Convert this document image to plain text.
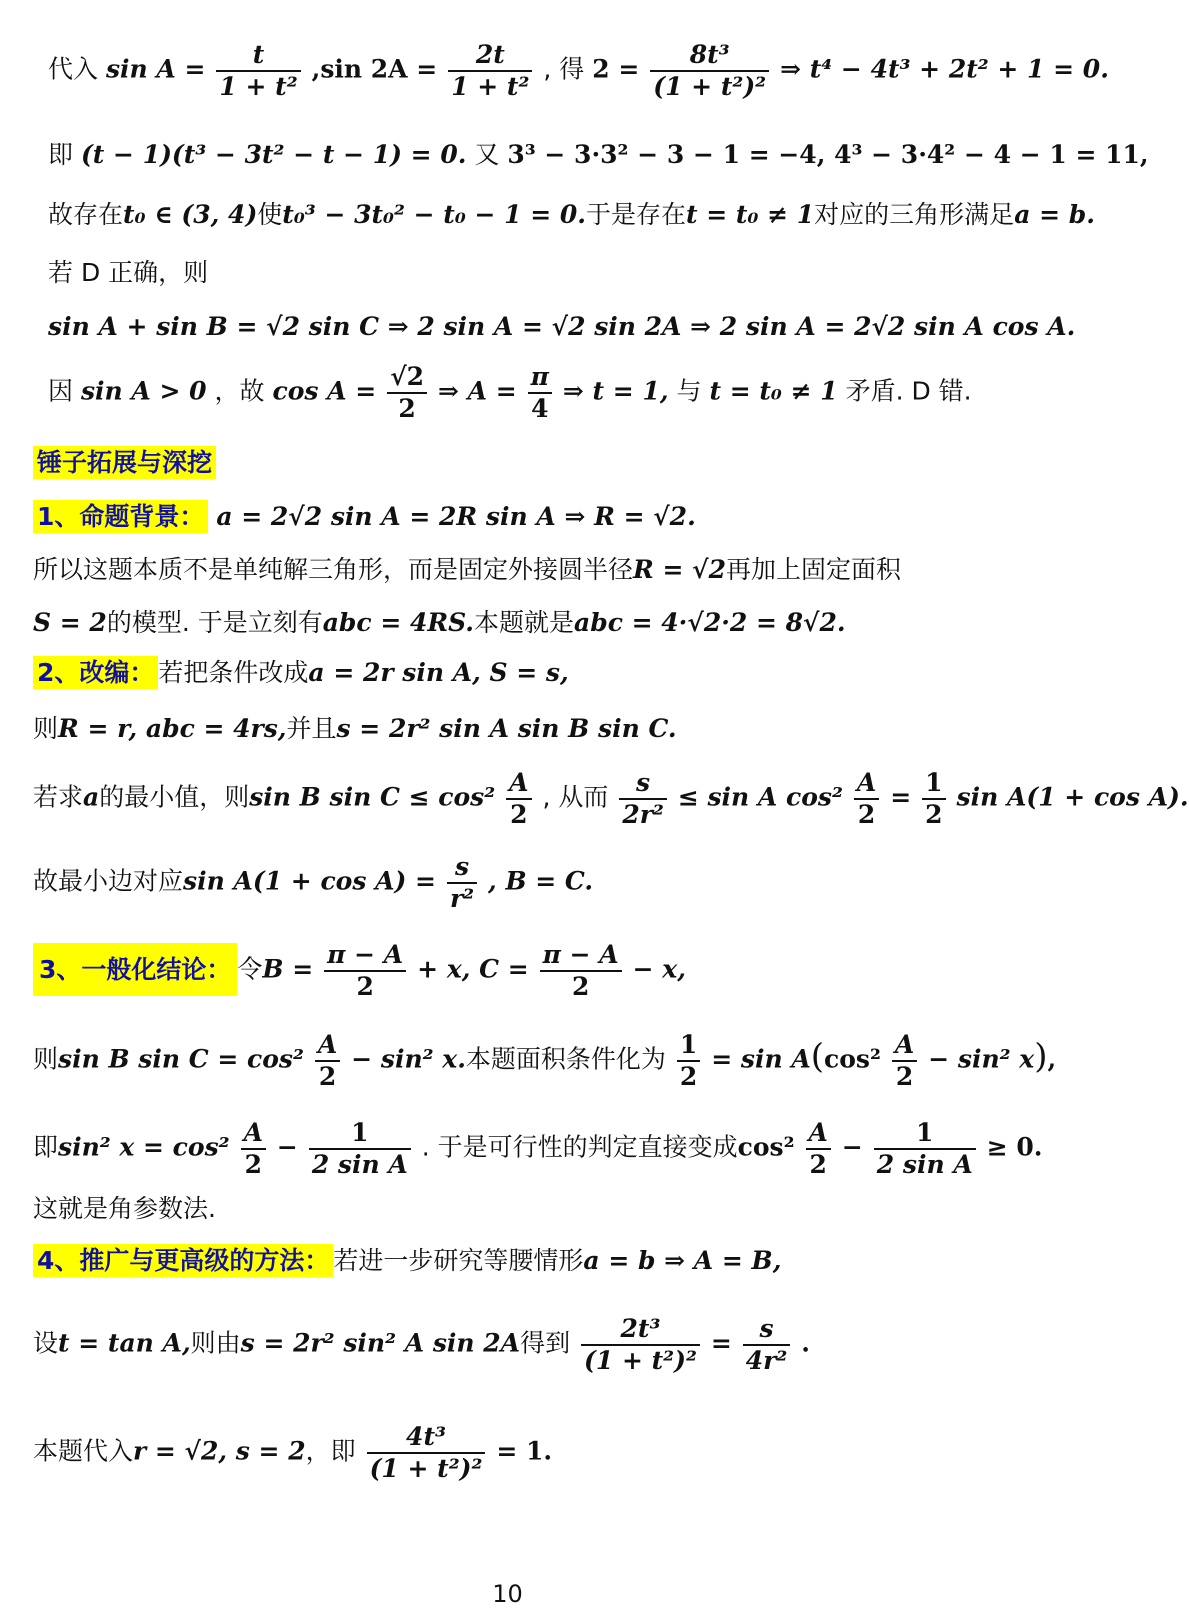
代入 $\sin A = \frac{t}{\text{1 + t²}} ,\sin$ $2A = \frac{2t}{\text{1 + t²}}$ , 得 $2 = \frac{\text{8t³}}{\text{(1 + t²)²}}$ ⇒ t⁴ − 4t³ + 2t² + 1 = 0.
即 (t − 1)(t³ − 3t² − t − 1) = 0. 又 3³ − 3·3² − 3 − 1 = −4, 4³ − 3·4² − 4 − 1 = 11,
故存在t₀ ∈ (3, 4)使t₀³ − 3t₀² − t₀ − 1 = 0.于是存在t = t₀ ≠ 1对应的三角形满足a = b.
若 D 正确，则
sin A + sin B = √2 sin C ⇒ 2 sin A = √2 sin 2A ⇒ 2 sin A = 2√2 sin A cos A.
因 sin A > 0 ，故 $\cos A = \frac{√2}{2}$ ⇒ $A = \frac{\pi}{4}$ ⇒ t = 1, 与 t = t₀ ≠ 1 矛盾. D 错.
锤子拓展与深挖
1、命题背景： a = 2√2 sin A = 2R sin A ⇒ R = √2.
所以这题本质不是单纯解三角形，而是固定外接圆半径R = √2再加上固定面积
S = 2的模型. 于是立刻有abc = 4RS.本题就是abc = 4·√2·2 = 8√2.
2、改编： 若把条件改成a = 2r sin A, S = s,
则R = r, abc = 4rs,并且s = 2r² sin A sin B sin C.
若求a的最小值，则sin B $\sin C \le \cos^2 \frac{A}{2}$ , 从而 $\frac{s}{\text{2r²}} \le \sin A$ $\cos^2 \frac{A}{2} = \frac{1}{2}$ sin A(1 + cos A).
故最小边对应$\sin A(1 + \cos A) = \frac{s}{\text{r²}}$ , B = C.
3、一般化结论： 令$B = \frac{\pi - A}{2} + x$, $C = \frac{\pi - A}{2} - x$,
则sin B $\sin C = \cos^2 \frac{A}{2} - \sin^2$ x.本题面积条件化为 $\frac{1}{2} = \sin A(\cos^2 \frac{A}{2} - \sin^2$ x),
即sin² $x = \cos^2 \frac{A}{2} - \frac{1}{\text{2 sin A}}$ . 于是可行性的判定直接变成$\cos^2 \frac{A}{2} - \frac{1}{\text{2 sin A}} \ge 0$.
这就是角参数法.
4、推广与更高级的方法： 若进一步研究等腰情形a = b ⇒ A = B,
设t = tan A,则由s = 2r² sin² A sin 2A得到 $\frac{\text{2t³}}{\text{(1 + t²)²}} = \frac{s}{\text{4r²}}$ .
本题代入r = √2, s = 2，即 $\frac{\text{4t³}}{\text{(1 + t²)²}} = 1$.
10
